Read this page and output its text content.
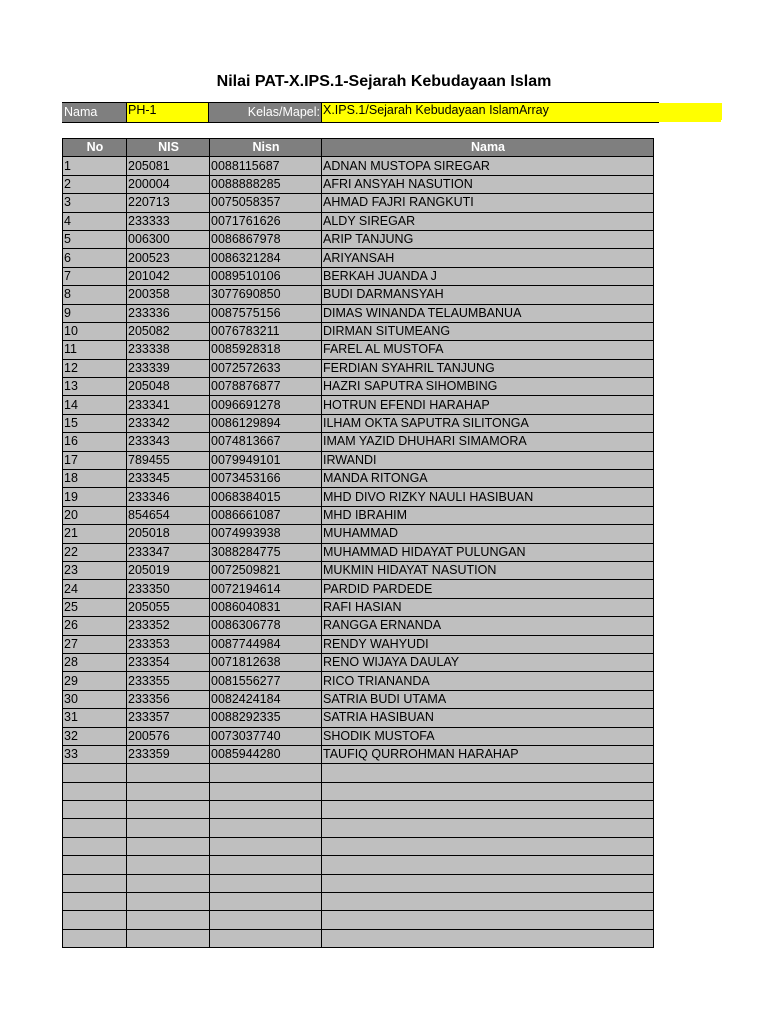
Nilai PAT-X.IPS.1-Sejarah Kebudayaan Islam
Nama	PH-1	Kelas/Mapel: X.IPS.1/Sejarah Kebudayaan IslamArray
No	NIS	Nisn	Nama
1	205081	0088115687	ADNAN MUSTOPA SIREGAR
2	200004	0088888285	AFRI ANSYAH NASUTION
3	220713	0075058357	AHMAD FAJRI RANGKUTI
4	233333	0071761626	ALDY SIREGAR
5	006300	0086867978	ARIP TANJUNG
6	200523	0086321284	ARIYANSAH
7	201042	0089510106	BERKAH JUANDA J
8	200358	3077690850	BUDI DARMANSYAH
9	233336	0087575156	DIMAS WINANDA TELAUMBANUA
10	205082	0076783211	DIRMAN SITUMEANG
11	233338	0085928318	FAREL AL MUSTOFA
12	233339	0072572633	FERDIAN SYAHRIL TANJUNG
13	205048	0078876877	HAZRI SAPUTRA SIHOMBING
14	233341	0096691278	HOTRUN EFENDI HARAHAP
15	233342	0086129894	ILHAM OKTA SAPUTRA SILITONGA
16	233343	0074813667	IMAM YAZID DHUHARI SIMAMORA
17	789455	0079949101	IRWANDI
18	233345	0073453166	MANDA RITONGA
19	233346	0068384015	MHD DIVO RIZKY NAULI HASIBUAN
20	854654	0086661087	MHD IBRAHIM
21	205018	0074993938	MUHAMMAD
22	233347	3088284775	MUHAMMAD HIDAYAT PULUNGAN
23	205019	0072509821	MUKMIN HIDAYAT NASUTION
24	233350	0072194614	PARDID PARDEDE
25	205055	0086040831	RAFI HASIAN
26	233352	0086306778	RANGGA ERNANDA
27	233353	0087744984	RENDY WAHYUDI
28	233354	0071812638	RENO WIJAYA DAULAY
29	233355	0081556277	RICO TRIANANDA
30	233356	0082424184	SATRIA BUDI UTAMA
31	233357	0088292335	SATRIA HASIBUAN
32	200576	0073037740	SHODIK MUSTOFA
33	233359	0085944280	TAUFIQ QURROHMAN HARAHAP
